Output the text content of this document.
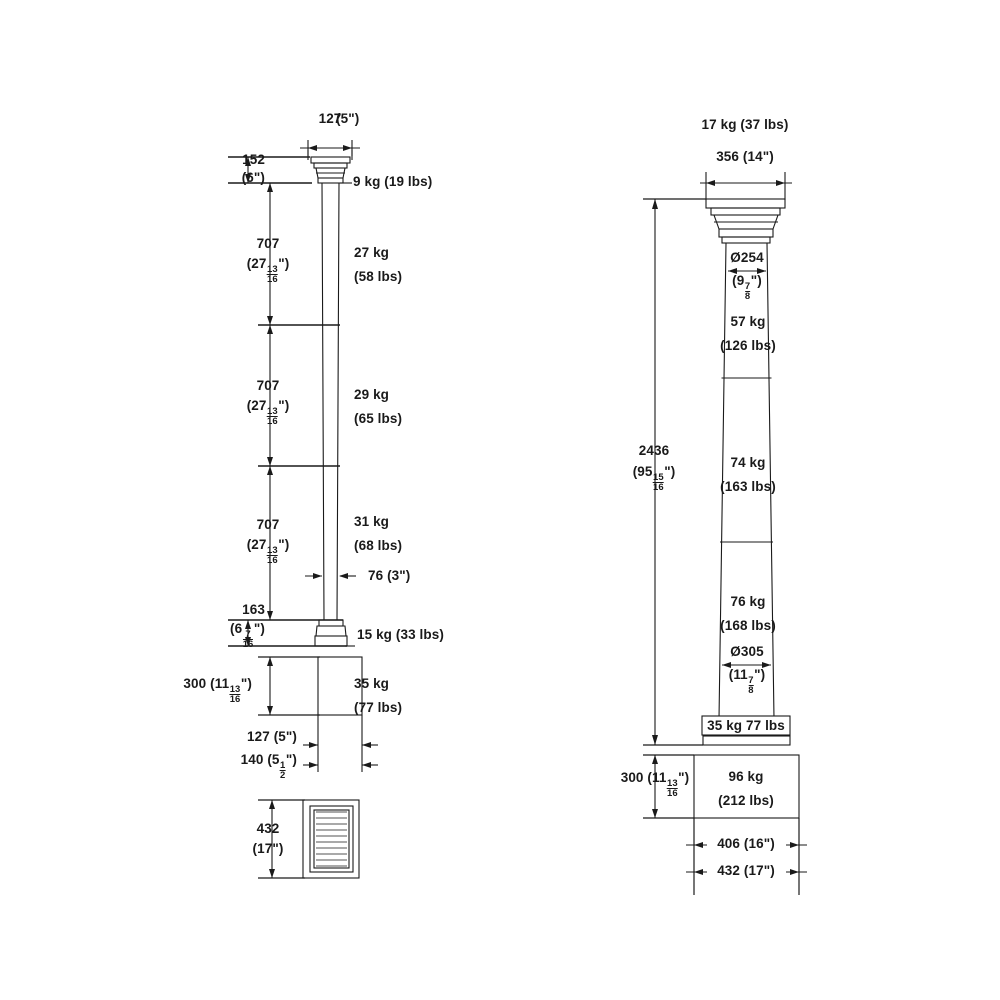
127
(5")
152
(6")	9 kg (19 lbs)
707
(27
$\frac{13}{16}$
")
27 kg
(58 lbs)
707
(27
$\frac{13}{16}$
")
29 kg
(65 lbs)
707
(27
$\frac{13}{16}$
")
31 kg
(68 lbs)
76 (3")
163
(6
$\frac{7}{16}$
")	15 kg (33 lbs)
300 (11
$\frac{13}{16}$
")	35 kg
(77 lbs)
127 (5")
140 (5
$\frac{1}{2}$
")
432
(17")
17 kg (37 lbs)
356 (14")
Ø254
(9
$\frac{7}{8}$
")
57 kg
(126 lbs)
74 kg
(163 lbs)
76 kg
(168 lbs)
Ø305
(11
$\frac{7}{8}$
")
2436
(95
$\frac{15}{16}$
")
35 kg 77 lbs
300 (11
$\frac{13}{16}$
")	96 kg
(212 lbs)
406 (16")
432 (17")
